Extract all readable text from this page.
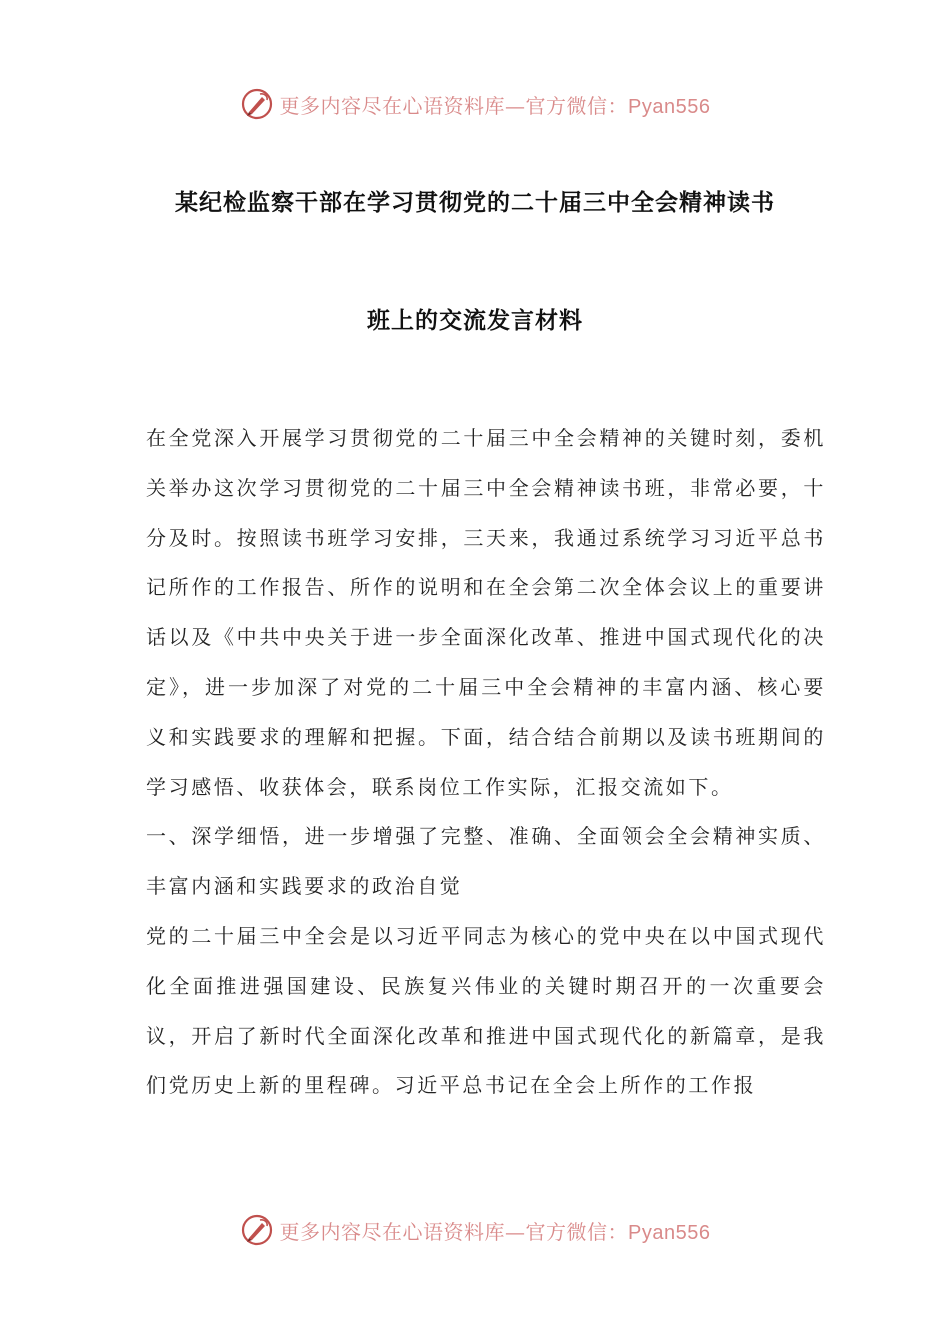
更多内容尽在心语资料库—官方微信：Pyan556
某纪检监察干部在学习贯彻党的二十届三中全会精神读书
班上的交流发言材料

在全党深入开展学习贯彻党的二十届三中全会精神的关键时刻，委机关举办这次学习贯彻党的二十届三中全会精神读书班，非常必要，十分及时。按照读书班学习安排，三天来，我通过系统学习习近平总书记所作的工作报告、所作的说明和在全会第二次全体会议上的重要讲话以及《中共中央关于进一步全面深化改革、推进中国式现代化的决定》，进一步加深了对党的二十届三中全会精神的丰富内涵、核心要义和实践要求的理解和把握。下面，结合结合前期以及读书班期间的学习感悟、收获体会，联系岗位工作实际，汇报交流如下。

一、深学细悟，进一步增强了完整、准确、全面领会全会精神实质、丰富内涵和实践要求的政治自觉

党的二十届三中全会是以习近平同志为核心的党中央在以中国式现代化全面推进强国建设、民族复兴伟业的关键时期召开的一次重要会议，开启了新时代全面深化改革和推进中国式现代化的新篇章，是我们党历史上新的里程碑。习近平总书记在全会上所作的工作报

更多内容尽在心语资料库—官方微信：Pyan556
